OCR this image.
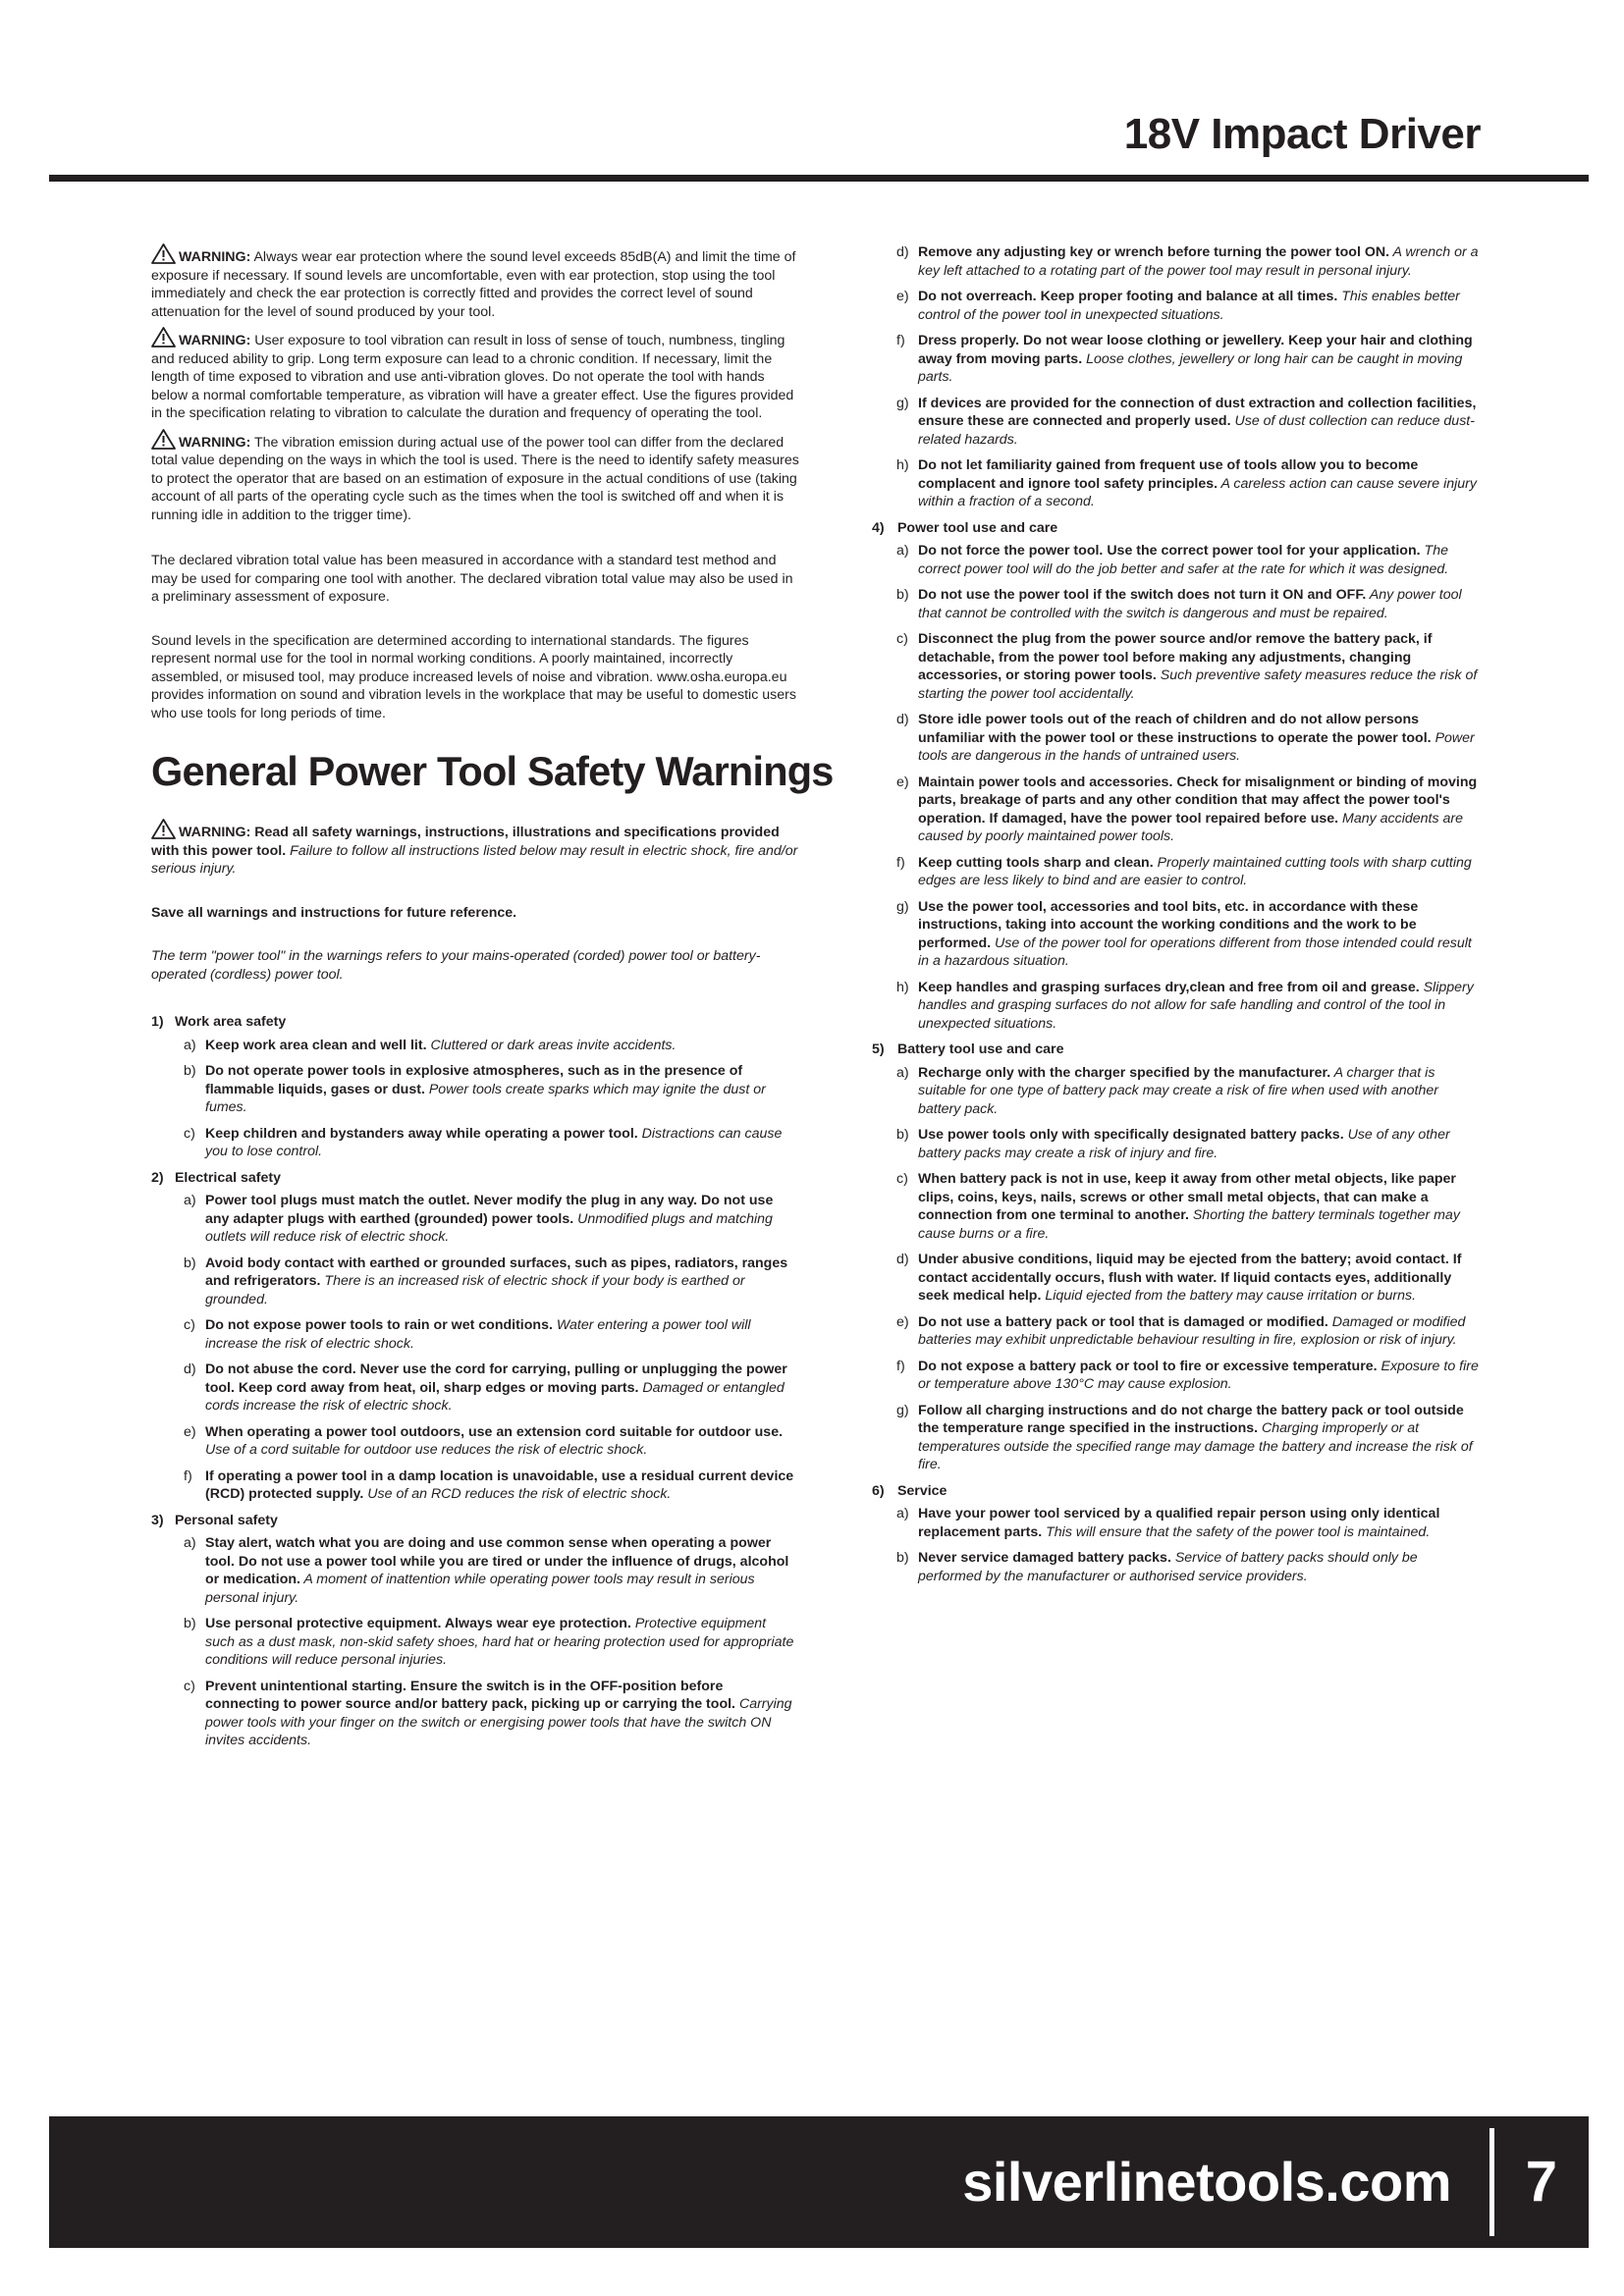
18V Impact Driver

WARNING: Always wear ear protection where the sound level exceeds 85dB(A) and limit the time of exposure if necessary. If sound levels are uncomfortable, even with ear protection, stop using the tool immediately and check the ear protection is correctly fitted and provides the correct level of sound attenuation for the level of sound produced by your tool.

WARNING: User exposure to tool vibration can result in loss of sense of touch, numbness, tingling and reduced ability to grip. Long term exposure can lead to a chronic condition. If necessary, limit the length of time exposed to vibration and use anti-vibration gloves. Do not operate the tool with hands below a normal comfortable temperature, as vibration will have a greater effect. Use the figures provided in the specification relating to vibration to calculate the duration and frequency of operating the tool.

WARNING: The vibration emission during actual use of the power tool can differ from the declared total value depending on the ways in which the tool is used. There is the need to identify safety measures to protect the operator that are based on an estimation of exposure in the actual conditions of use (taking account of all parts of the operating cycle such as the times when the tool is switched off and when it is running idle in addition to the trigger time).

The declared vibration total value has been measured in accordance with a standard test method and may be used for comparing one tool with another. The declared vibration total value may also be used in a preliminary assessment of exposure.

Sound levels in the specification are determined according to international standards. The figures represent normal use for the tool in normal working conditions. A poorly maintained, incorrectly assembled, or misused tool, may produce increased levels of noise and vibration. www.osha.europa.eu provides information on sound and vibration levels in the workplace that may be useful to domestic users who use tools for long periods of time.

General Power Tool Safety Warnings

WARNING: Read all safety warnings, instructions, illustrations and specifications provided with this power tool. Failure to follow all instructions listed below may result in electric shock, fire and/or serious injury.

Save all warnings and instructions for future reference.

The term "power tool" in the warnings refers to your mains-operated (corded) power tool or battery-operated (cordless) power tool.

1) Work area safety
a) Keep work area clean and well lit. Cluttered or dark areas invite accidents.
b) Do not operate power tools in explosive atmospheres, such as in the presence of flammable liquids, gases or dust. Power tools create sparks which may ignite the dust or fumes.
c) Keep children and bystanders away while operating a power tool. Distractions can cause you to lose control.
2) Electrical safety
a) Power tool plugs must match the outlet. Never modify the plug in any way. Do not use any adapter plugs with earthed (grounded) power tools. Unmodified plugs and matching outlets will reduce risk of electric shock.
b) Avoid body contact with earthed or grounded surfaces, such as pipes, radiators, ranges and refrigerators. There is an increased risk of electric shock if your body is earthed or grounded.
c) Do not expose power tools to rain or wet conditions. Water entering a power tool will increase the risk of electric shock.
d) Do not abuse the cord. Never use the cord for carrying, pulling or unplugging the power tool. Keep cord away from heat, oil, sharp edges or moving parts. Damaged or entangled cords increase the risk of electric shock.
e) When operating a power tool outdoors, use an extension cord suitable for outdoor use. Use of a cord suitable for outdoor use reduces the risk of electric shock.
f) If operating a power tool in a damp location is unavoidable, use a residual current device (RCD) protected supply. Use of an RCD reduces the risk of electric shock.
3) Personal safety
a) Stay alert, watch what you are doing and use common sense when operating a power tool. Do not use a power tool while you are tired or under the influence of drugs, alcohol or medication. A moment of inattention while operating power tools may result in serious personal injury.
b) Use personal protective equipment. Always wear eye protection. Protective equipment such as a dust mask, non-skid safety shoes, hard hat or hearing protection used for appropriate conditions will reduce personal injuries.
c) Prevent unintentional starting. Ensure the switch is in the OFF-position before connecting to power source and/or battery pack, picking up or carrying the tool. Carrying power tools with your finger on the switch or energising power tools that have the switch ON invites accidents.
d) Remove any adjusting key or wrench before turning the power tool ON. A wrench or a key left attached to a rotating part of the power tool may result in personal injury.
e) Do not overreach. Keep proper footing and balance at all times. This enables better control of the power tool in unexpected situations.
f) Dress properly. Do not wear loose clothing or jewellery. Keep your hair and clothing away from moving parts. Loose clothes, jewellery or long hair can be caught in moving parts.
g) If devices are provided for the connection of dust extraction and collection facilities, ensure these are connected and properly used. Use of dust collection can reduce dust-related hazards.
h) Do not let familiarity gained from frequent use of tools allow you to become complacent and ignore tool safety principles. A careless action can cause severe injury within a fraction of a second.
4) Power tool use and care
a) Do not force the power tool. Use the correct power tool for your application. The correct power tool will do the job better and safer at the rate for which it was designed.
b) Do not use the power tool if the switch does not turn it ON and OFF. Any power tool that cannot be controlled with the switch is dangerous and must be repaired.
c) Disconnect the plug from the power source and/or remove the battery pack, if detachable, from the power tool before making any adjustments, changing accessories, or storing power tools. Such preventive safety measures reduce the risk of starting the power tool accidentally.
d) Store idle power tools out of the reach of children and do not allow persons unfamiliar with the power tool or these instructions to operate the power tool. Power tools are dangerous in the hands of untrained users.
e) Maintain power tools and accessories. Check for misalignment or binding of moving parts, breakage of parts and any other condition that may affect the power tool's operation. If damaged, have the power tool repaired before use. Many accidents are caused by poorly maintained power tools.
f) Keep cutting tools sharp and clean. Properly maintained cutting tools with sharp cutting edges are less likely to bind and are easier to control.
g) Use the power tool, accessories and tool bits, etc. in accordance with these instructions, taking into account the working conditions and the work to be performed. Use of the power tool for operations different from those intended could result in a hazardous situation.
h) Keep handles and grasping surfaces dry,clean and free from oil and grease. Slippery handles and grasping surfaces do not allow for safe handling and control of the tool in unexpected situations.
5) Battery tool use and care
a) Recharge only with the charger specified by the manufacturer. A charger that is suitable for one type of battery pack may create a risk of fire when used with another battery pack.
b) Use power tools only with specifically designated battery packs. Use of any other battery packs may create a risk of injury and fire.
c) When battery pack is not in use, keep it away from other metal objects, like paper clips, coins, keys, nails, screws or other small metal objects, that can make a connection from one terminal to another. Shorting the battery terminals together may cause burns or a fire.
d) Under abusive conditions, liquid may be ejected from the battery; avoid contact. If contact accidentally occurs, flush with water. If liquid contacts eyes, additionally seek medical help. Liquid ejected from the battery may cause irritation or burns.
e) Do not use a battery pack or tool that is damaged or modified. Damaged or modified batteries may exhibit unpredictable behaviour resulting in fire, explosion or risk of injury.
f) Do not expose a battery pack or tool to fire or excessive temperature. Exposure to fire or temperature above 130°C may cause explosion.
g) Follow all charging instructions and do not charge the battery pack or tool outside the temperature range specified in the instructions. Charging improperly or at temperatures outside the specified range may damage the battery and increase the risk of fire.
6) Service
a) Have your power tool serviced by a qualified repair person using only identical replacement parts. This will ensure that the safety of the power tool is maintained.
b) Never service damaged battery packs. Service of battery packs should only be performed by the manufacturer or authorised service providers.
silverlinetools.com 7
